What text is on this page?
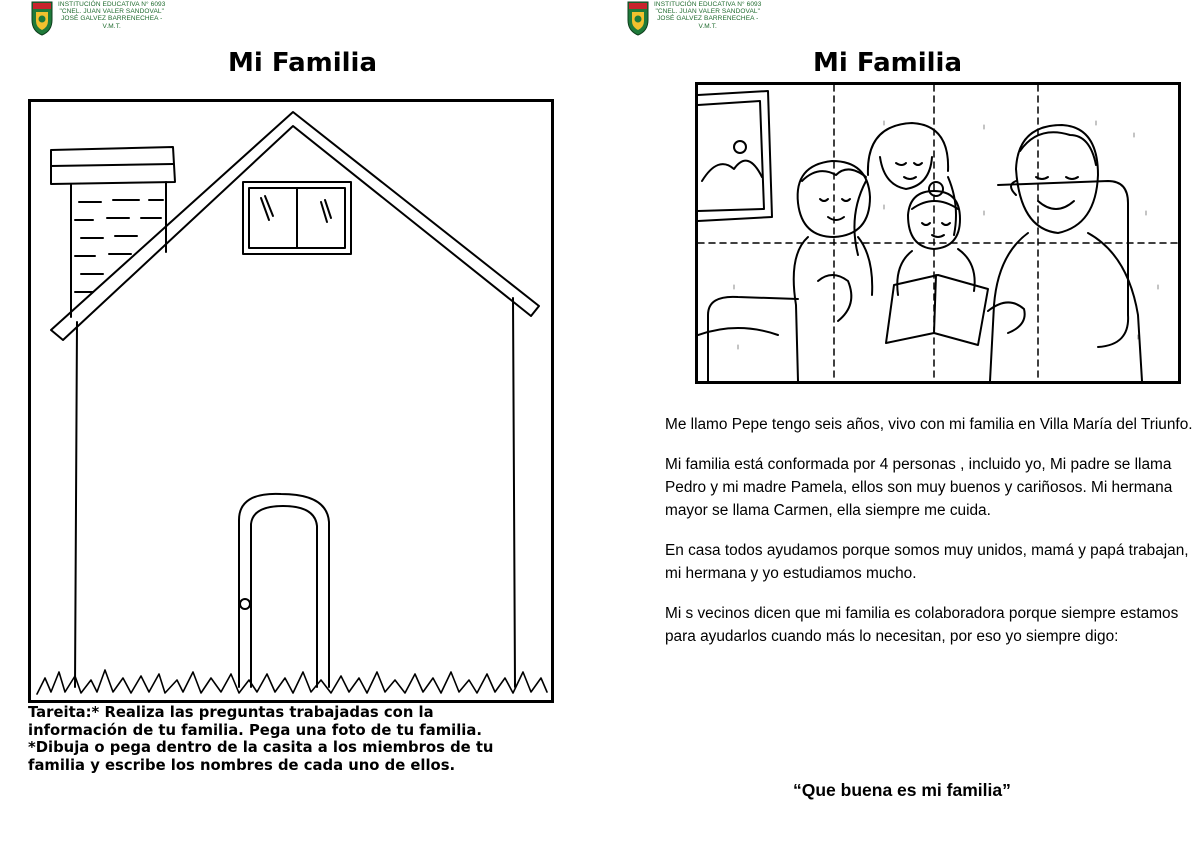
INSTITUCIÓN EDUCATIVA N° 6093
"CNEL. JUAN VALER SANDOVAL"
JOSÉ GALVEZ BARRENECHEA -
V.M.T.
Mi Familia

Tareita:* Realiza las preguntas trabajadas con la

información de tu familia. Pega una foto de tu familia.

*Dibuja o pega dentro de la casita a los miembros de tu

familia y escribe los nombres de cada uno de ellos.

INSTITUCIÓN EDUCATIVA N° 6093
"CNEL. JUAN VALER SANDOVAL"
JOSÉ GALVEZ BARRENECHEA -
V.M.T.
Mi Familia

Me llamo Pepe tengo seis años, vivo con mi familia en Villa María del Triunfo.

Mi familia está conformada por 4 personas , incluido yo, Mi padre se llama Pedro y mi madre Pamela, ellos son muy buenos y cariñosos. Mi hermana mayor se llama Carmen, ella siempre me cuida.

En casa todos ayudamos porque somos muy unidos, mamá y papá trabajan, mi hermana y yo estudiamos mucho.

Mi s vecinos dicen que mi familia es colaboradora porque siempre estamos para ayudarlos cuando más lo necesitan, por eso yo siempre digo:

“Que buena es mi familia”
